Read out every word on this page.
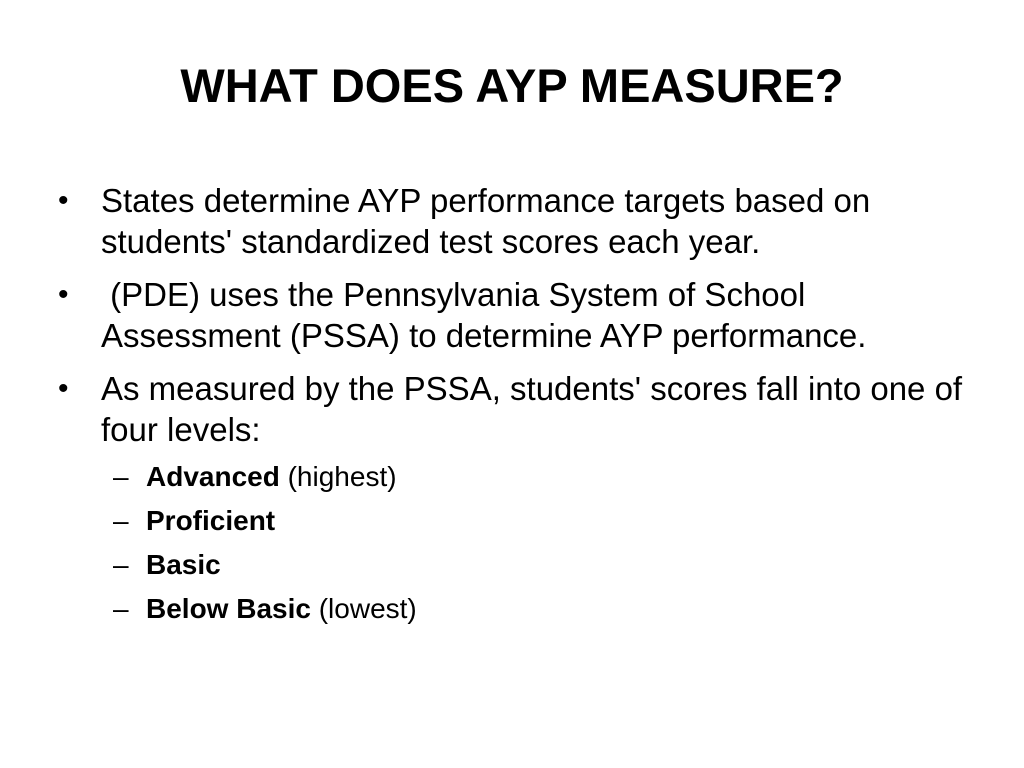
WHAT DOES AYP MEASURE?
• States determine AYP performance targets based on students' standardized test scores each year.
• (PDE) uses the Pennsylvania System of School Assessment (PSSA) to determine AYP performance.
• As measured by the PSSA, students' scores fall into one of four levels:
– Advanced (highest)
– Proficient
– Basic
– Below Basic (lowest)
